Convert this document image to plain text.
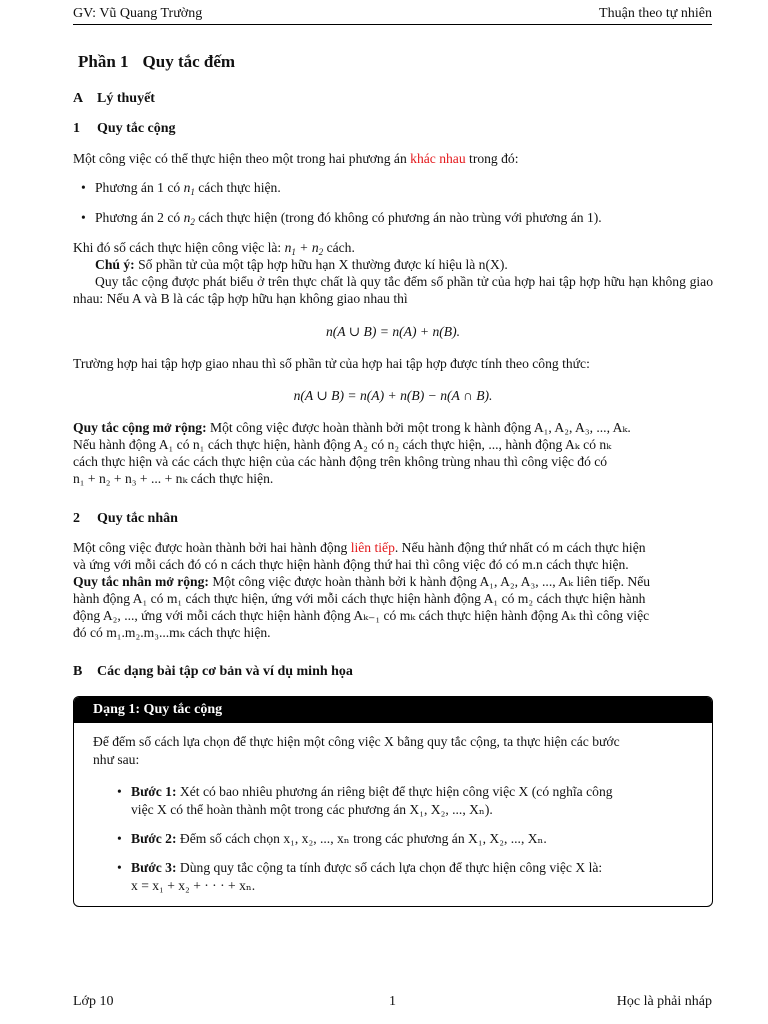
GV: Vũ Quang Trường	Thuận theo tự nhiên
Phần 1 Quy tắc đếm
A Lý thuyết
1 Quy tắc cộng
Một công việc có thể thực hiện theo một trong hai phương án khác nhau trong đó:
• Phương án 1 có $n_1$ cách thực hiện.
• Phương án 2 có $n_2$ cách thực hiện (trong đó không có phương án nào trùng với phương án 1).
Khi đó số cách thực hiện công việc là: $n_1 + n_2$ cách.
Chú ý: Số phần tử của một tập hợp hữu hạn X thường được kí hiệu là n(X).
Quy tắc cộng được phát biểu ở trên thực chất là quy tắc đếm số phần tử của hợp hai tập hợp hữu hạn không giao nhau: Nếu A và B là các tập hợp hữu hạn không giao nhau thì
n(A ∪ B) = n(A) + n(B).
Trường hợp hai tập hợp giao nhau thì số phần tử của hợp hai tập hợp được tính theo công thức:
n(A ∪ B) = n(A) + n(B) − n(A ∩ B).
Quy tắc cộng mở rộng: Một công việc được hoàn thành bởi một trong k hành động A₁, A₂, A₃, ..., Aₖ.
Nếu hành động A₁ có n₁ cách thực hiện, hành động A₂ có n₂ cách thực hiện, ..., hành động Aₖ có nₖ
cách thực hiện và các cách thực hiện của các hành động trên không trùng nhau thì công việc đó có
n₁ + n₂ + n₃ + ... + nₖ cách thực hiện.
2 Quy tắc nhân
Một công việc được hoàn thành bởi hai hành động liên tiếp. Nếu hành động thứ nhất có m cách thực hiện
và ứng với mỗi cách đó có n cách thực hiện hành động thứ hai thì công việc đó có m.n cách thực hiện.
Quy tắc nhân mở rộng: Một công việc được hoàn thành bởi k hành động A₁, A₂, A₃, ..., Aₖ liên tiếp. Nếu
hành động A₁ có m₁ cách thực hiện, ứng với mỗi cách thực hiện hành động A₁ có m₂ cách thực hiện hành
động A₂, ..., ứng với mỗi cách thực hiện hành động Aₖ₋₁ có mₖ cách thực hiện hành động Aₖ thì công việc
đó có m₁.m₂.m₃...mₖ cách thực hiện.
B Các dạng bài tập cơ bản và ví dụ minh họa
Dạng 1: Quy tắc cộng
Để đếm số cách lựa chọn để thực hiện một công việc X bằng quy tắc cộng, ta thực hiện các bước
như sau:
• Bước 1: Xét có bao nhiêu phương án riêng biệt để thực hiện công việc X (có nghĩa công
việc X có thể hoàn thành một trong các phương án X₁, X₂, ..., Xₙ).
• Bước 2: Đếm số cách chọn x₁, x₂, ..., xₙ trong các phương án X₁, X₂, ..., Xₙ.
• Bước 3: Dùng quy tắc cộng ta tính được số cách lựa chọn để thực hiện công việc X là:
x = x₁ + x₂ + · · · + xₙ.
Lớp 10	1	Học là phải nháp
